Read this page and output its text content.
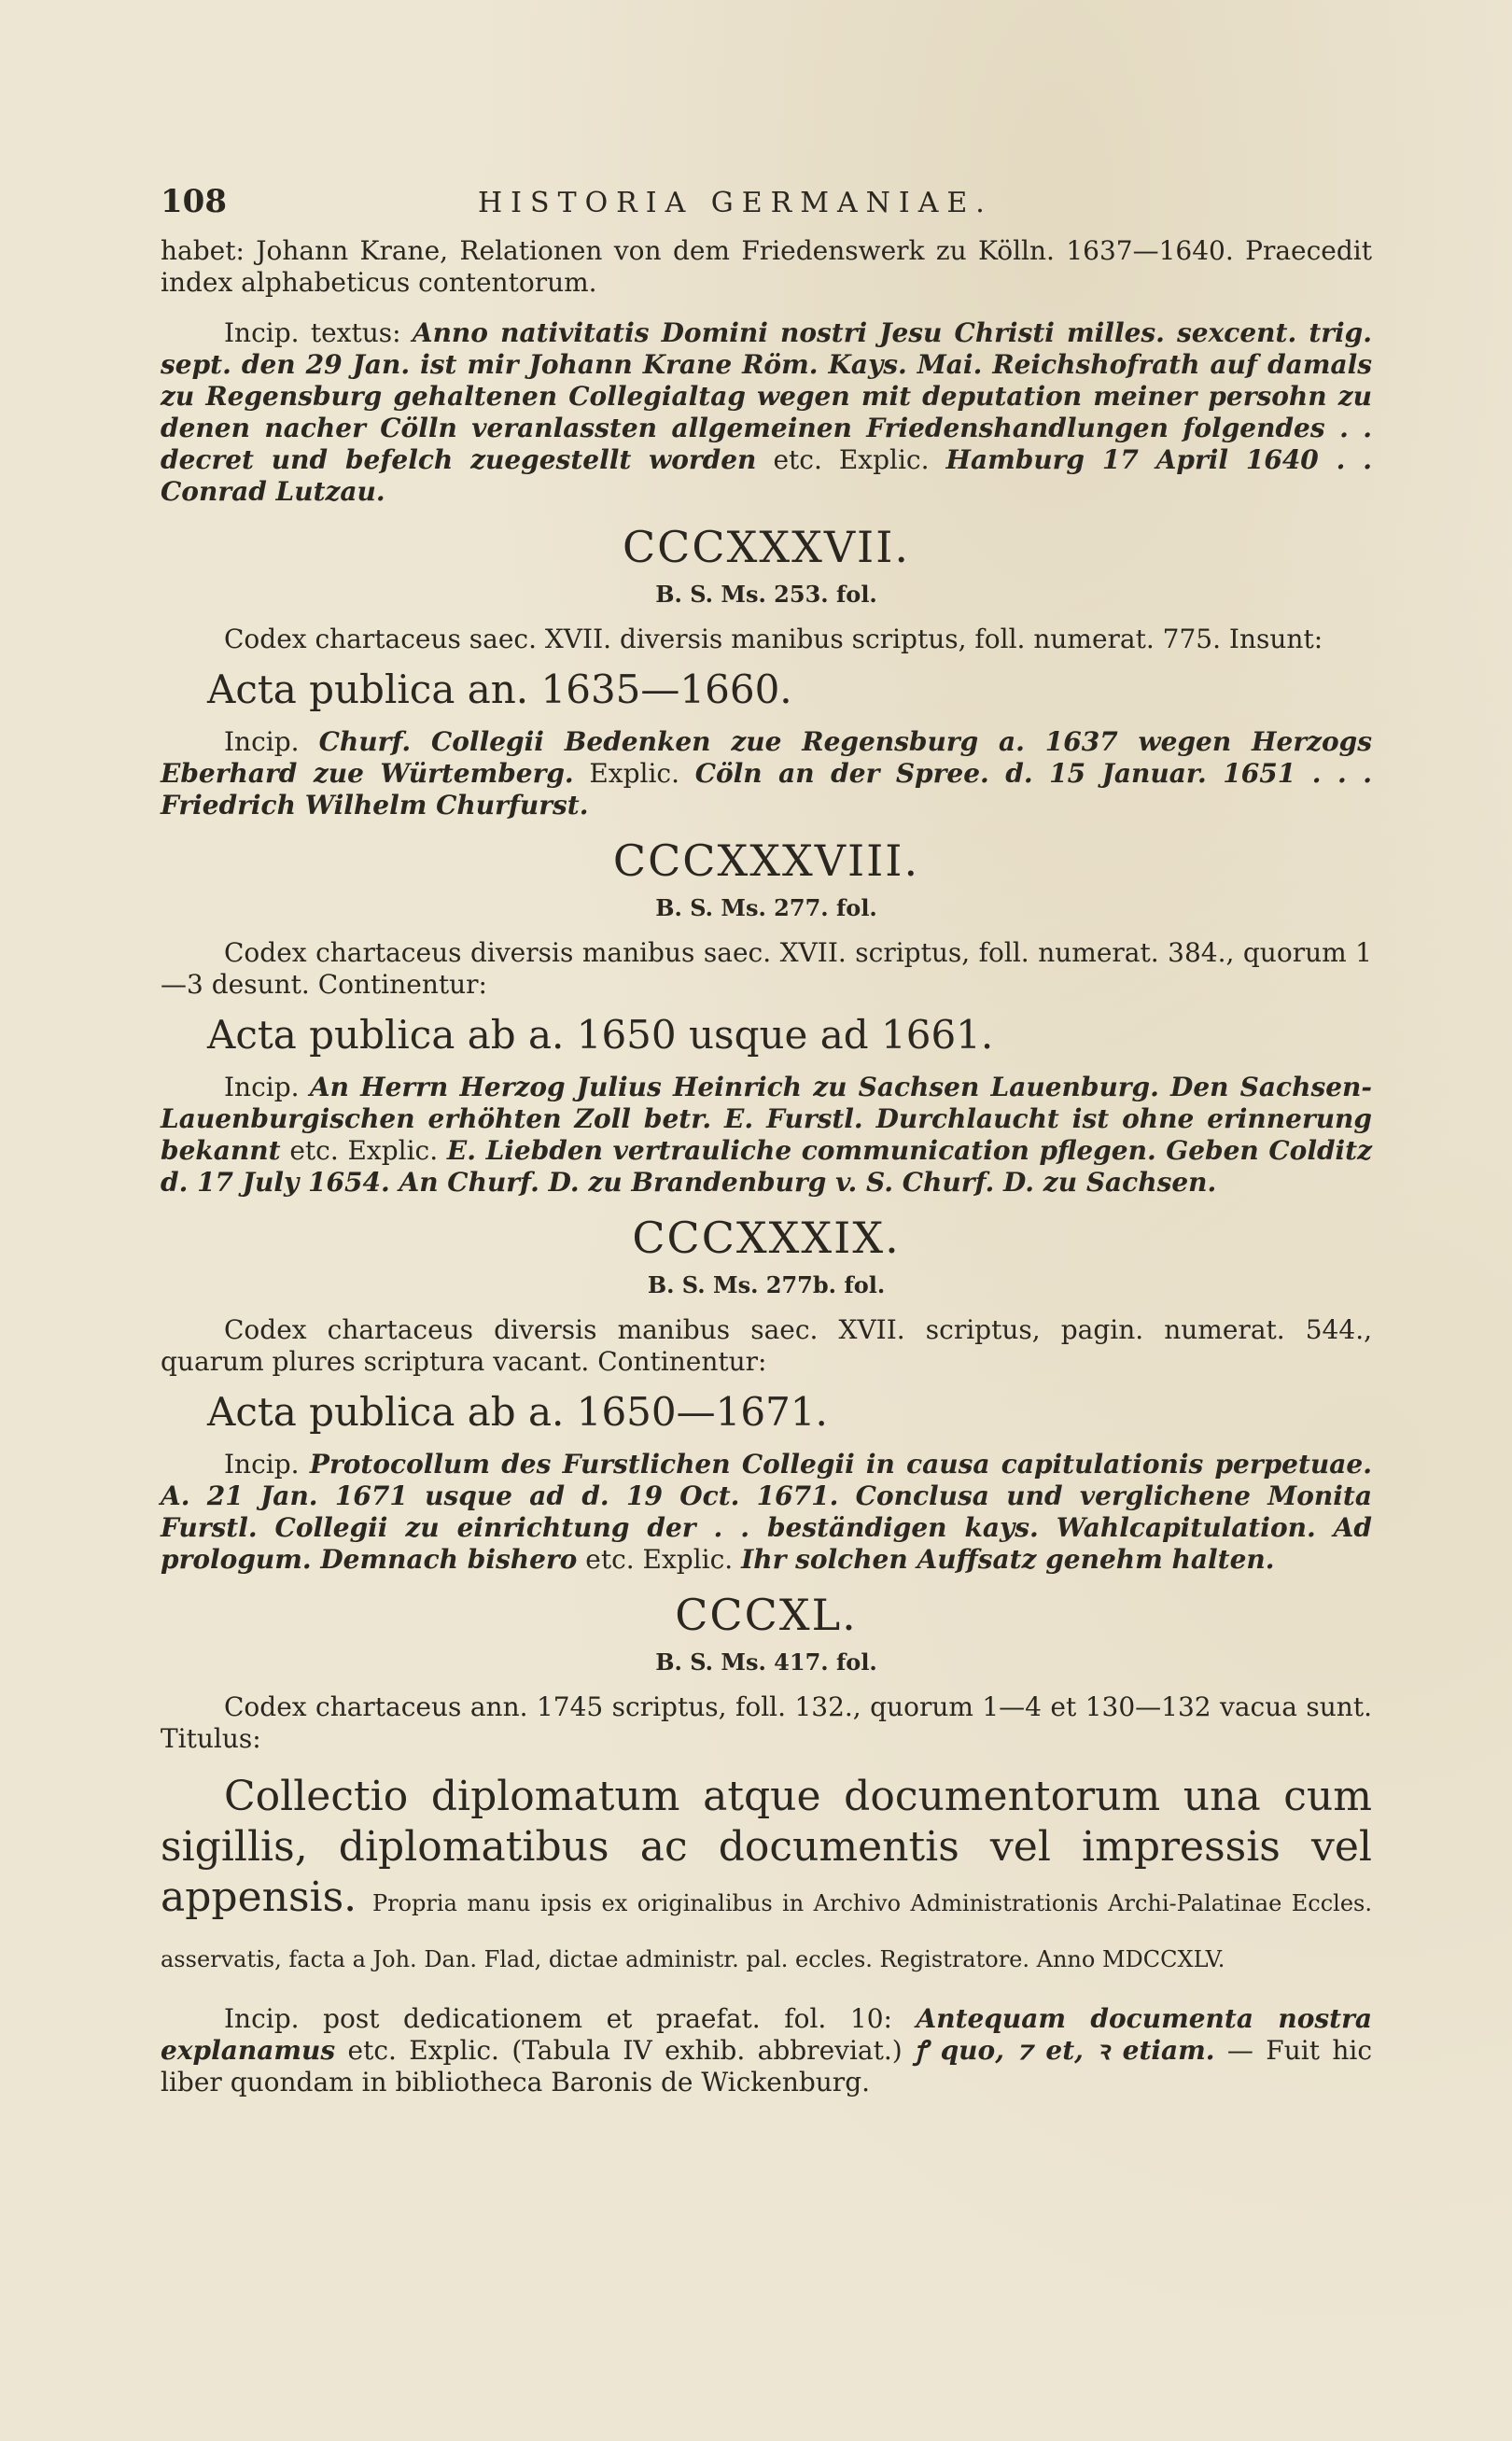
108	HISTORIA GERMANIAE.

habet: Johann Krane, Relationen von dem Friedenswerk zu Kölln. 1637—1640. Praecedit index alphabeticus contentorum.

Incip. textus: Anno nativitatis Domini nostri Jesu Christi milles. sexcent. trig. sept. den 29 Jan. ist mir Johann Krane Röm. Kays. Mai. Reichshofrath auf damals zu Regensburg gehaltenen Collegialtag wegen mit deputation meiner persohn zu denen nacher Cölln veranlassten allgemeinen Friedenshandlungen folgendes . . decret und befelch zuegestellt worden etc. Explic. Hamburg 17 April 1640 . . Conrad Lutzau.

CCCXXXVII.
B. S. Ms. 253. fol.

Codex chartaceus saec. XVII. diversis manibus scriptus, foll. numerat. 775. Insunt:

Acta publica an. 1635—1660.

Incip. Churf. Collegii Bedenken zue Regensburg a. 1637 wegen Herzogs Eberhard zue Würtemberg. Explic. Cöln an der Spree. d. 15 Januar. 1651 . . . Friedrich Wilhelm Churfurst.

CCCXXXVIII.
B. S. Ms. 277. fol.

Codex chartaceus diversis manibus saec. XVII. scriptus, foll. numerat. 384., quorum 1—3 desunt. Continentur:

Acta publica ab a. 1650 usque ad 1661.

Incip. An Herrn Herzog Julius Heinrich zu Sachsen Lauenburg. Den Sachsen-Lauenburgischen erhöhten Zoll betr. E. Furstl. Durchlaucht ist ohne erinnerung bekannt etc. Explic. E. Liebden vertrauliche communication pflegen. Geben Colditz d. 17 July 1654. An Churf. D. zu Brandenburg v. S. Churf. D. zu Sachsen.

CCCXXXIX.
B. S. Ms. 277b. fol.

Codex chartaceus diversis manibus saec. XVII. scriptus, pagin. numerat. 544., quarum plures scriptura vacant. Continentur:

Acta publica ab a. 1650—1671.

Incip. Protocollum des Furstlichen Collegii in causa capitulationis perpetuae. A. 21 Jan. 1671 usque ad d. 19 Oct. 1671. Conclusa und verglichene Monita Furstl. Collegii zu einrichtung der . . beständigen kays. Wahlcapitulation. Ad prologum. Demnach bishero etc. Explic. Ihr solchen Auffsatz genehm halten.

CCCXL.
B. S. Ms. 417. fol.

Codex chartaceus ann. 1745 scriptus, foll. 132., quorum 1—4 et 130—132 vacua sunt. Titulus:

Collectio diplomatum atque documentorum una cum sigillis, diplomatibus ac documentis vel impressis vel appensis. Propria manu ipsis ex originalibus in Archivo Administrationis Archi-Palatinae Eccles. asservatis, facta a Joh. Dan. Flad, dictae administr. pal. eccles. Registratore. Anno MDCCXLV.

Incip. post dedicationem et praefat. fol. 10: Antequam documenta nostra explanamus etc. Explic. (Tabula IV exhib. abbreviat.) ꝭ quo, ⁊ et, ꝛ etiam. — Fuit hic liber quondam in bibliotheca Baronis de Wickenburg.
